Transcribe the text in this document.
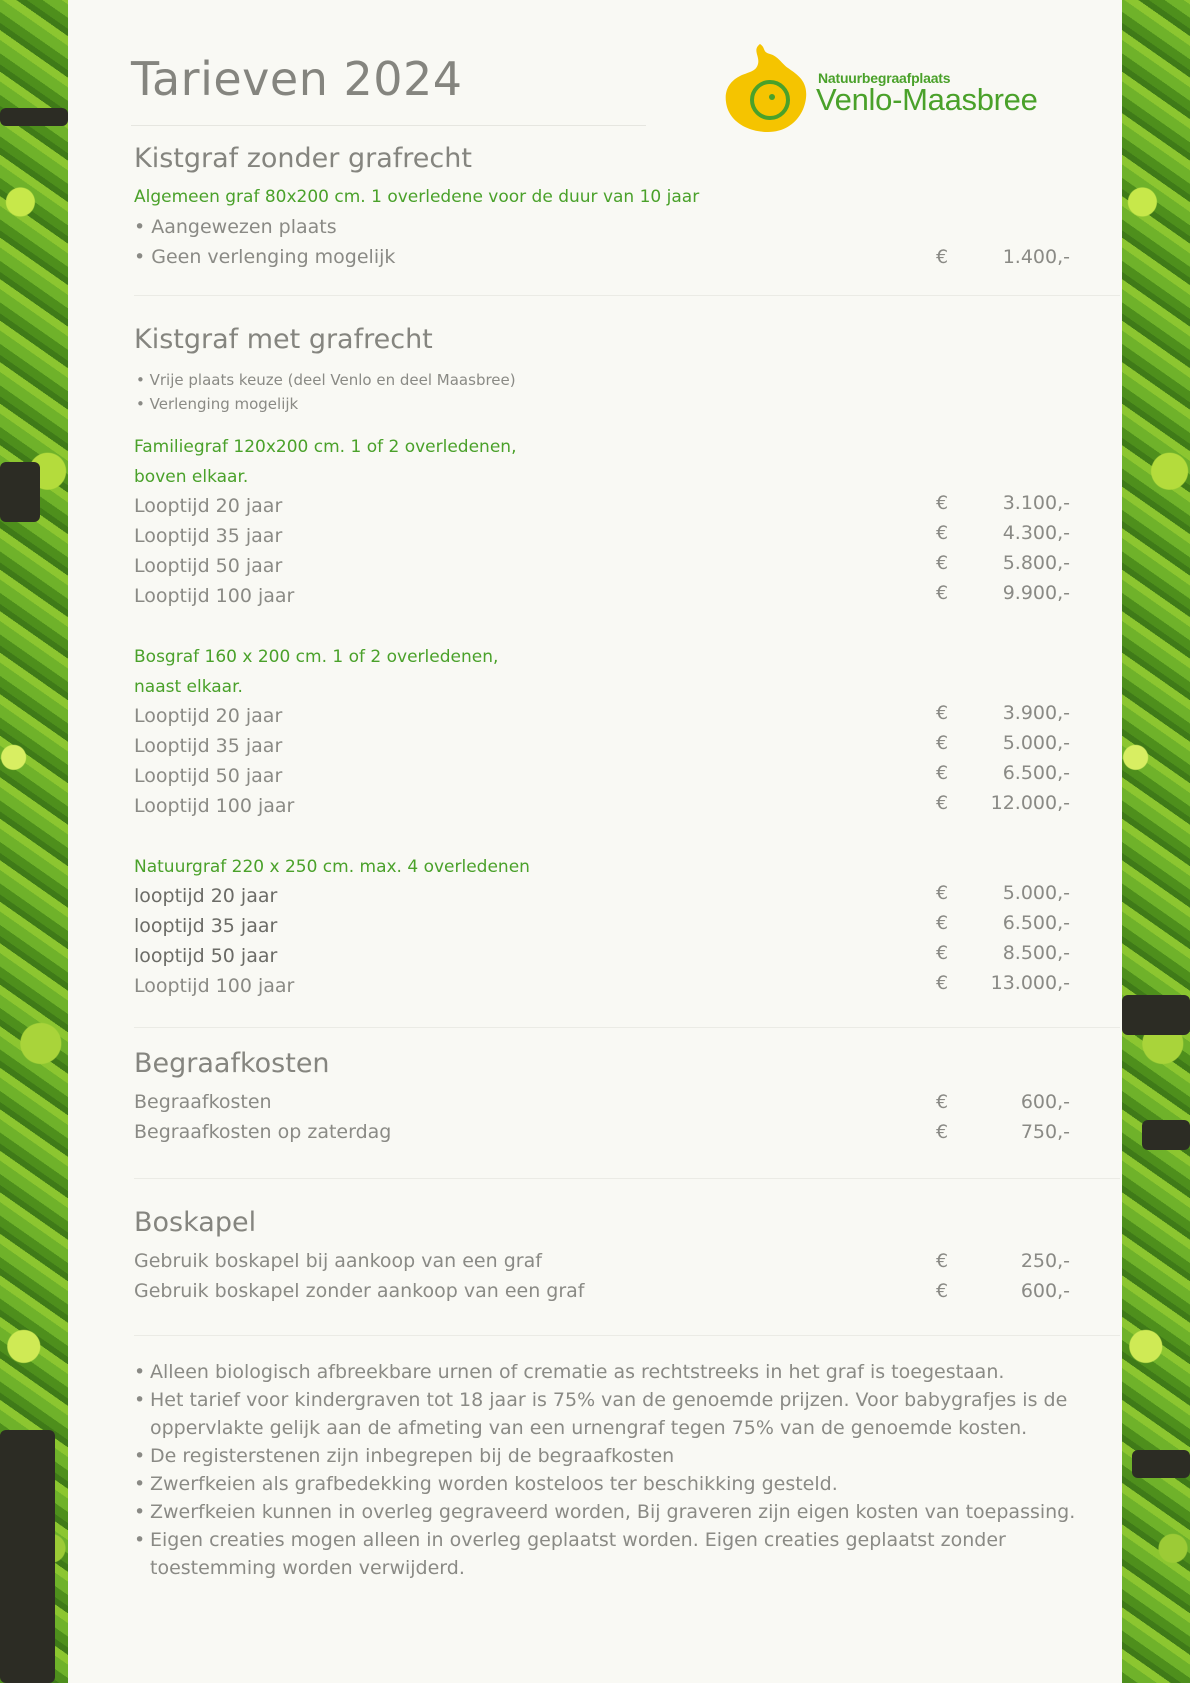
Tarieven 2024	Natuurbegraafplaats
Venlo-Maasbree
Kistgraf zonder grafrecht
Algemeen graf 80x200 cm. 1 overledene voor de duur van 10 jaar
• Aangewezen plaats
• Geen verlenging mogelijk	€	1.400,-
Kistgraf met grafrecht
• Vrije plaats keuze (deel Venlo en deel Maasbree)
• Verlenging mogelijk
Familiegraf 120x200 cm. 1 of 2 overledenen,
boven elkaar.
Looptijd 20 jaar	€	3.100,-
Looptijd 35 jaar	€	4.300,-
Looptijd 50 jaar	€	5.800,-
Looptijd 100 jaar	€	9.900,-
Bosgraf 160 x 200 cm. 1 of 2 overledenen,
naast elkaar.
Looptijd 20 jaar	€	3.900,-
Looptijd 35 jaar	€	5.000,-
Looptijd 50 jaar	€	6.500,-
Looptijd 100 jaar	€ 12.000,-
Natuurgraf 220 x 250 cm. max. 4 overledenen
looptijd 20 jaar	€	5.000,-
looptijd 35 jaar	€	6.500,-
looptijd 50 jaar	€	8.500,-
Looptijd 100 jaar	€ 13.000,-
Begraafkosten
Begraafkosten	€	600,-
Begraafkosten op zaterdag	€	750,-
Boskapel
Gebruik boskapel bij aankoop van een graf	€	250,-
Gebruik boskapel zonder aankoop van een graf	€	600,-
• Alleen biologisch afbreekbare urnen of crematie as rechtstreeks in het graf is toegestaan.
• Het tarief voor kindergraven tot 18 jaar is 75% van de genoemde prijzen. Voor babygrafjes is de oppervlakte gelijk aan de afmeting van een urnengraf tegen 75% van de genoemde kosten.
• De registerstenen zijn inbegrepen bij de begraafkosten
• Zwerfkeien als grafbedekking worden kosteloos ter beschikking gesteld.
• Zwerfkeien kunnen in overleg gegraveerd worden, Bij graveren zijn eigen kosten van toepassing.
• Eigen creaties mogen alleen in overleg geplaatst worden. Eigen creaties geplaatst zonder toestemming worden verwijderd.
